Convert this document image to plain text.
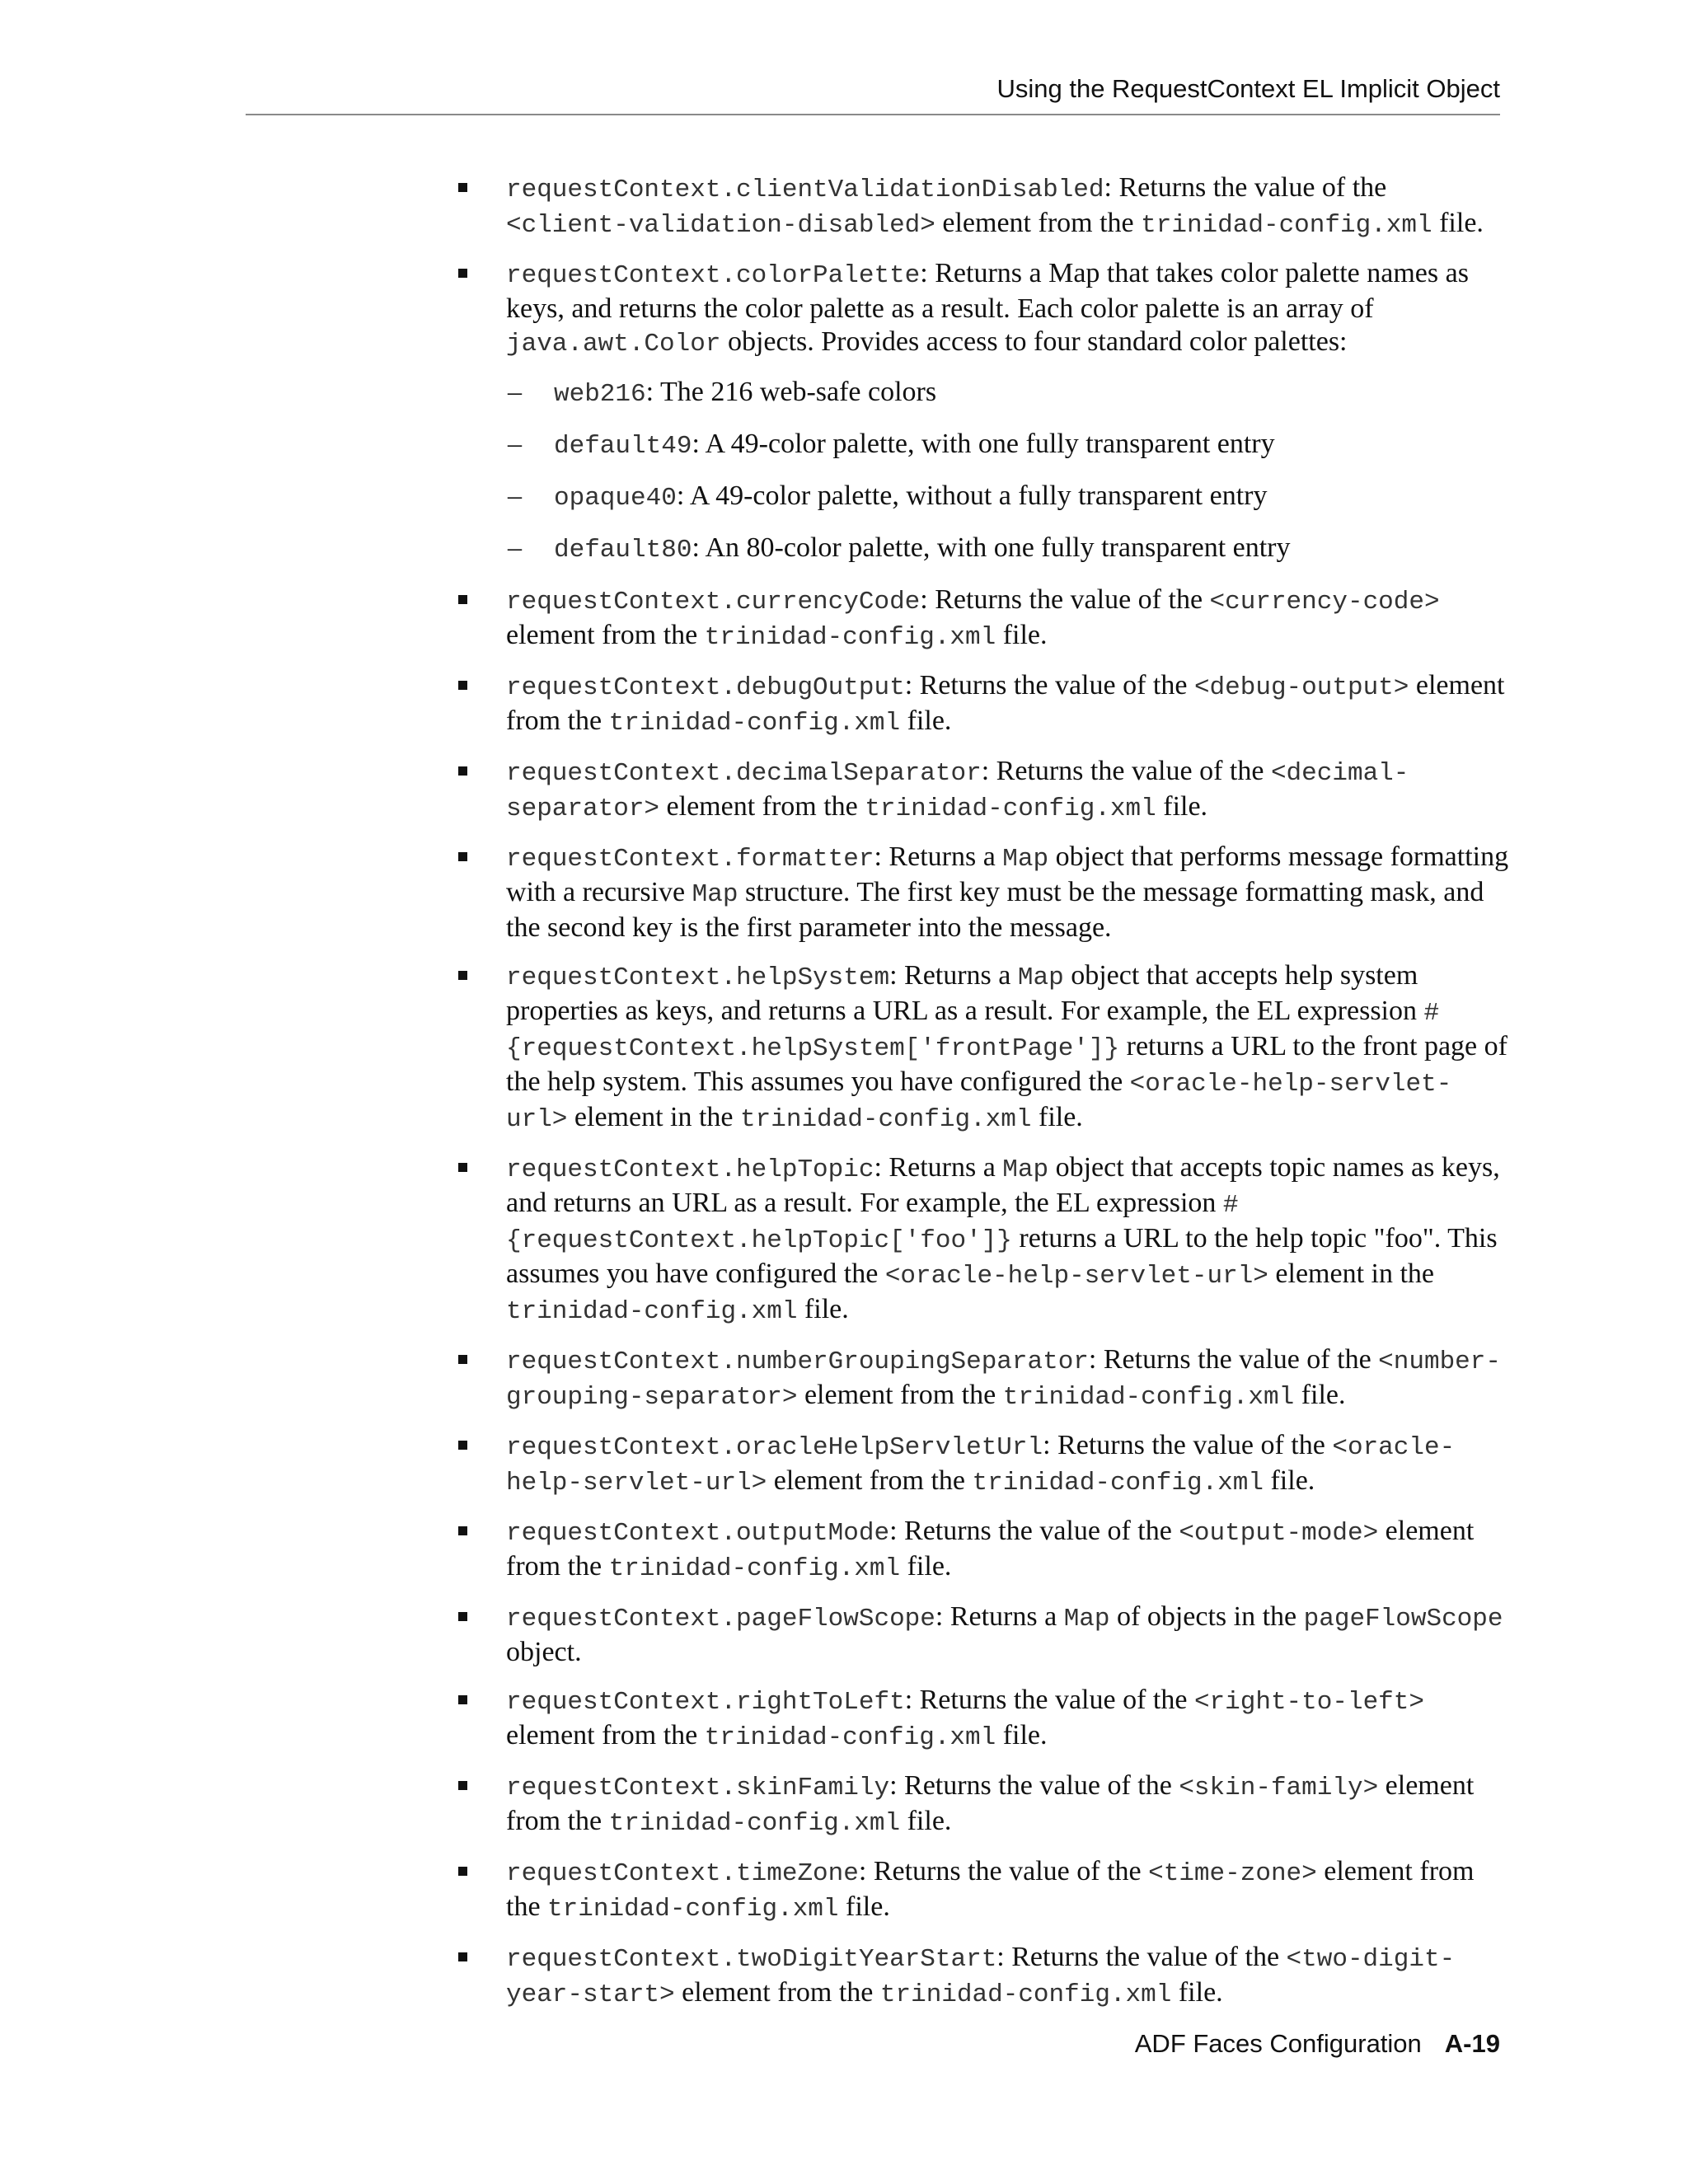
Using the RequestContext EL Implicit Object
requestContext.clientValidationDisabled: Returns the value of the <client-validation-disabled> element from the trinidad-config.xml file.
requestContext.colorPalette: Returns a Map that takes color palette names as keys, and returns the color palette as a result. Each color palette is an array of java.awt.Color objects. Provides access to four standard color palettes:
– web216: The 216 web-safe colors
– default49: A 49-color palette, with one fully transparent entry
– opaque40: A 49-color palette, without a fully transparent entry
– default80: An 80-color palette, with one fully transparent entry
requestContext.currencyCode: Returns the value of the <currency-code> element from the trinidad-config.xml file.
requestContext.debugOutput: Returns the value of the <debug-output> element from the trinidad-config.xml file.
requestContext.decimalSeparator: Returns the value of the <decimal-separator> element from the trinidad-config.xml file.
requestContext.formatter: Returns a Map object that performs message formatting with a recursive Map structure. The first key must be the message formatting mask, and the second key is the first parameter into the message.
requestContext.helpSystem: Returns a Map object that accepts help system properties as keys, and returns a URL as a result. For example, the EL expression #{requestContext.helpSystem['frontPage']} returns a URL to the front page of the help system. This assumes you have configured the <oracle-help-servlet-url> element in the trinidad-config.xml file.
requestContext.helpTopic: Returns a Map object that accepts topic names as keys, and returns an URL as a result. For example, the EL expression #{requestContext.helpTopic['foo']} returns a URL to the help topic "foo". This assumes you have configured the <oracle-help-servlet-url> element in the trinidad-config.xml file.
requestContext.numberGroupingSeparator: Returns the value of the <number-grouping-separator> element from the trinidad-config.xml file.
requestContext.oracleHelpServletUrl: Returns the value of the <oracle-help-servlet-url> element from the trinidad-config.xml file.
requestContext.outputMode: Returns the value of the <output-mode> element from the trinidad-config.xml file.
requestContext.pageFlowScope: Returns a Map of objects in the pageFlowScope object.
requestContext.rightToLeft: Returns the value of the <right-to-left> element from the trinidad-config.xml file.
requestContext.skinFamily: Returns the value of the <skin-family> element from the trinidad-config.xml file.
requestContext.timeZone: Returns the value of the <time-zone> element from the trinidad-config.xml file.
requestContext.twoDigitYearStart: Returns the value of the <two-digit-year-start> element from the trinidad-config.xml file.
ADF Faces Configuration A-19
